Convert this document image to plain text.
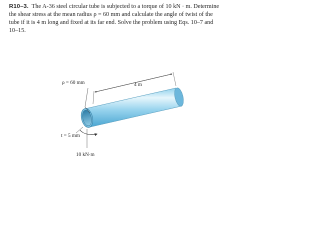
R10–3. The A-36 steel circular tube is subjected to a torque of 10 kN · m. Determine the shear stress at the mean radius ρ = 60 mm and calculate the angle of twist of the tube if it is 4 m long and fixed at its far end. Solve the problem using Eqs. 10–7 and 10–15.
ρ = 60 mm	4 m
t = 5 mm
10 kN·m
